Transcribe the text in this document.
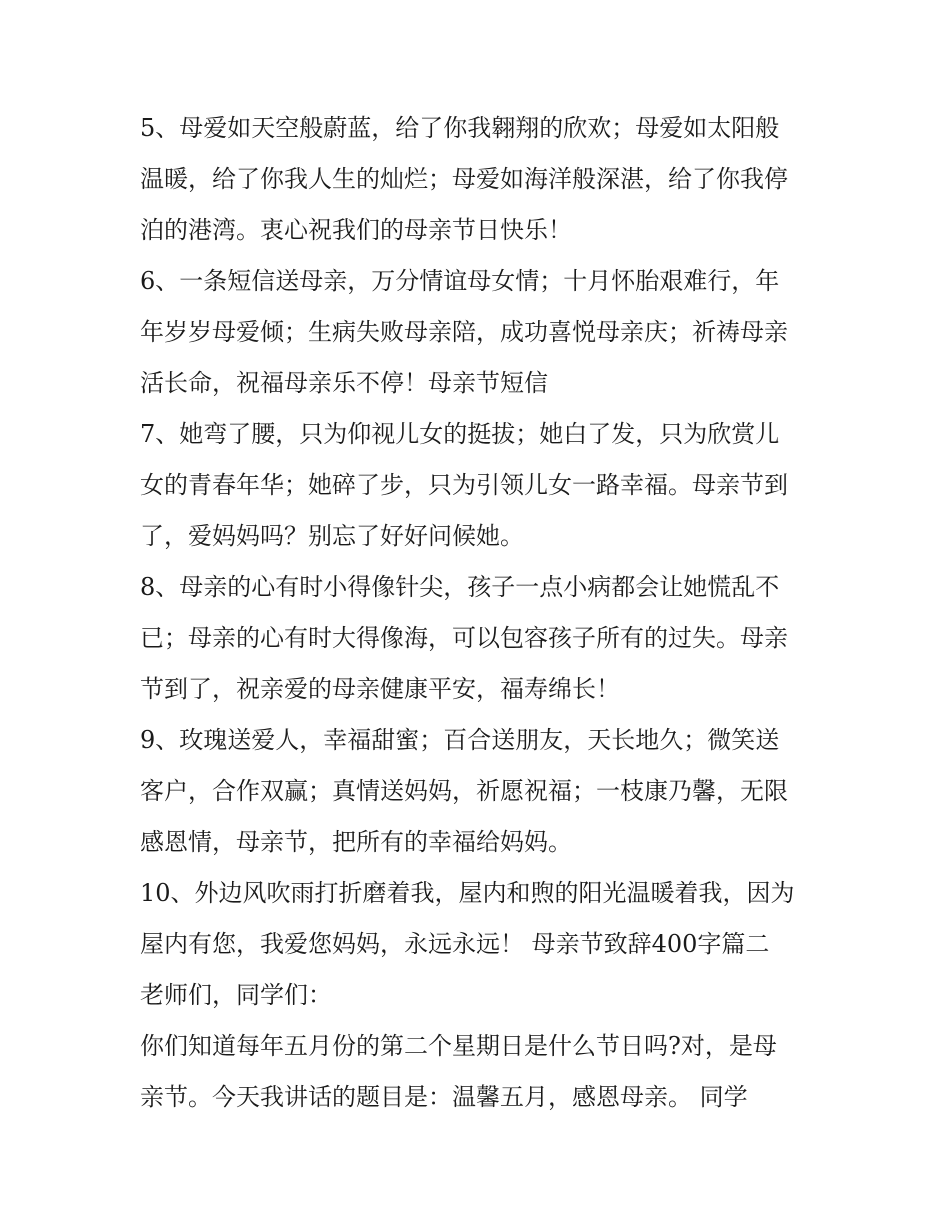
5、母爱如天空般蔚蓝，给了你我翱翔的欣欢；母爱如太阳般
温暖，给了你我人生的灿烂；母爱如海洋般深湛，给了你我停
泊的港湾。衷心祝我们的母亲节日快乐！
6、一条短信送母亲，万分情谊母女情；十月怀胎艰难行，年
年岁岁母爱倾；生病失败母亲陪，成功喜悦母亲庆；祈祷母亲
活长命，祝福母亲乐不停！母亲节短信
7、她弯了腰，只为仰视儿女的挺拔；她白了发，只为欣赏儿
女的青春年华；她碎了步，只为引领儿女一路幸福。母亲节到
了，爱妈妈吗？别忘了好好问候她。
8、母亲的心有时小得像针尖，孩子一点小病都会让她慌乱不
已；母亲的心有时大得像海，可以包容孩子所有的过失。母亲
节到了，祝亲爱的母亲健康平安，福寿绵长！
9、玫瑰送爱人，幸福甜蜜；百合送朋友，天长地久；微笑送
客户，合作双赢；真情送妈妈，祈愿祝福；一枝康乃馨，无限
感恩情，母亲节，把所有的幸福给妈妈。
10、外边风吹雨打折磨着我，屋内和煦的阳光温暖着我，因为
屋内有您，我爱您妈妈，永远永远！ 母亲节致辞400字篇二
老师们，同学们：
你们知道每年五月份的第二个星期日是什么节日吗?对，是母
亲节。今天我讲话的题目是：温馨五月，感恩母亲。 同学
